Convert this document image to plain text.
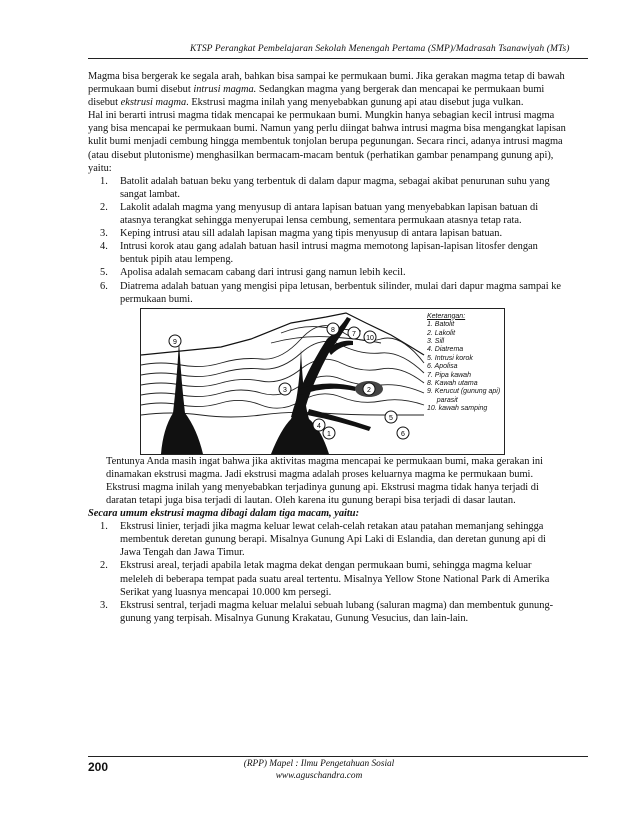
KTSP Perangkat Pembelajaran Sekolah Menengah Pertama (SMP)/Madrasah Tsanawiyah (MTs)

Magma bisa bergerak ke segala arah, bahkan bisa sampai ke permukaan bumi. Jika gerakan magma tetap di bawah permukaan bumi disebut intrusi magma. Sedangkan magma yang bergerak dan mencapai ke permukaan bumi disebut ekstrusi magma. Ekstrusi magma inilah yang menyebabkan gunung api atau disebut juga vulkan.

Hal ini berarti intrusi magma tidak mencapai ke permukaan bumi. Mungkin hanya sebagian kecil intrusi magma yang bisa mencapai ke permukaan bumi. Namun yang perlu diingat bahwa intrusi magma bisa mengangkat lapisan kulit bumi menjadi cembung hingga membentuk tonjolan berupa pegunungan. Secara rinci, adanya intrusi magma (atau disebut plutonisme) menghasilkan bermacam-macam bentuk (perhatikan gambar penampang gunung api), yaitu:

1. Batolit adalah batuan beku yang terbentuk di dalam dapur magma, sebagai akibat penurunan suhu yang sangat lambat.
2. Lakolit adalah magma yang menyusup di antara lapisan batuan yang menyebabkan lapisan batuan di atasnya terangkat sehingga menyerupai lensa cembung, sementara permukaan atasnya tetap rata.
3. Keping intrusi atau sill adalah lapisan magma yang tipis menyusup di antara lapisan batuan.
4. Intrusi korok atau gang adalah batuan hasil intrusi magma memotong lapisan-lapisan litosfer dengan bentuk pipih atau lempeng.
5. Apolisa adalah semacam cabang dari intrusi gang namun lebih kecil.
6. Diatrema adalah batuan yang mengisi pipa letusan, berbentuk silinder, mulai dari dapur magma sampai ke permukaan bumi.
9
8
7
10
2
3
4
1
5
6
Keterangan:
1. Batolit
2. Lakolit
3. Sill
4. Diatrema
5. Intrusi korok
6. Apolisa
7. Pipa kawah
8. Kawah utama
9. Kerucut (gunung api)
parasit
10. kawah samping

Tentunya Anda masih ingat bahwa jika aktivitas magma mencapai ke permukaan bumi, maka gerakan ini dinamakan ekstrusi magma. Jadi ekstrusi magma adalah proses keluarnya magma ke permukaan bumi. Ekstrusi magma inilah yang menyebabkan terjadinya gunung api. Ekstrusi magma tidak hanya terjadi di daratan tetapi juga bisa terjadi di lautan. Oleh karena itu gunung berapi bisa terjadi di dasar lautan.

Secara umum ekstrusi magma dibagi dalam tiga macam, yaitu:

1. Ekstrusi linier, terjadi jika magma keluar lewat celah-celah retakan atau patahan memanjang sehingga membentuk deretan gunung berapi. Misalnya Gunung Api Laki di Eslandia, dan deretan gunung api di Jawa Tengah dan Jawa Timur.
2. Ekstrusi areal, terjadi apabila letak magma dekat dengan permukaan bumi, sehingga magma keluar meleleh di beberapa tempat pada suatu areal tertentu. Misalnya Yellow Stone National Park di Amerika Serikat yang luasnya mencapai 10.000 km persegi.
3. Ekstrusi sentral, terjadi magma keluar melalui sebuah lubang (saluran magma) dan membentuk gunung-gunung yang terpisah. Misalnya Gunung Krakatau, Gunung Vesucius, dan lain-lain.
200	(RPP) Mapel : Ilmu Pengetahuan Sosial
www.aguschandra.com
